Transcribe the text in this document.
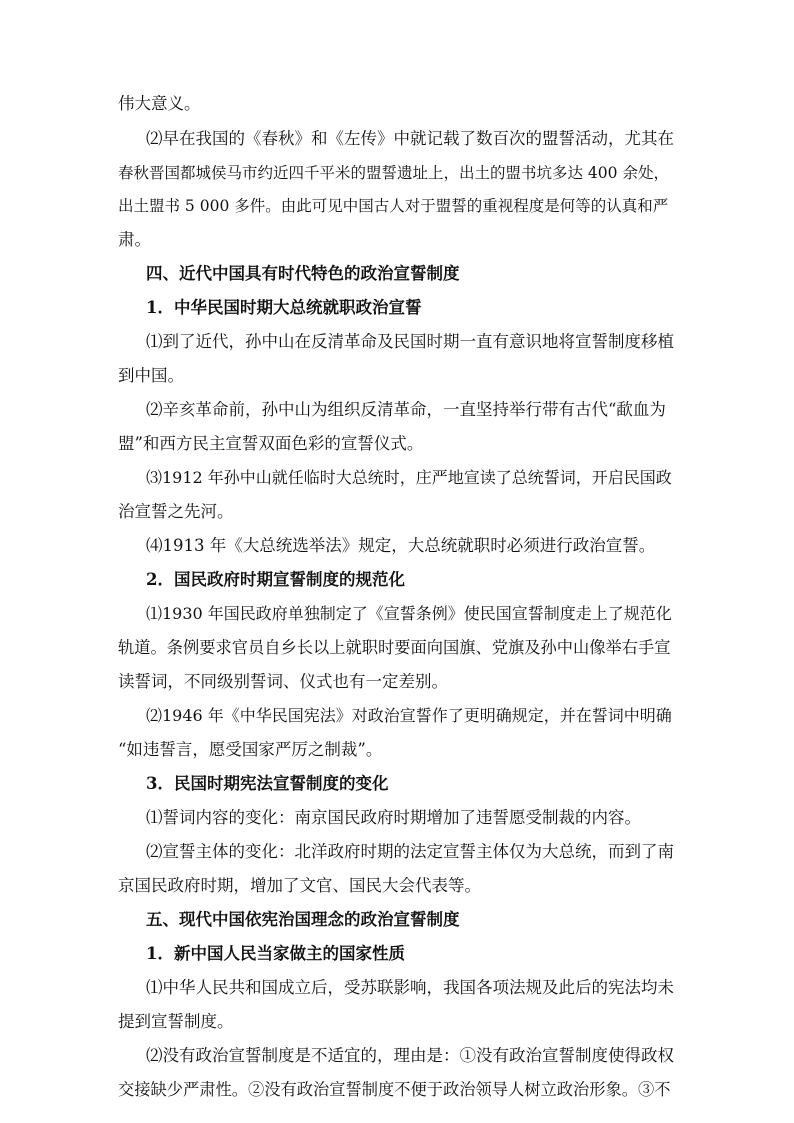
伟大意义。
⑵早在我国的《春秋》和《左传》中就记载了数百次的盟誓活动，尤其在
春秋晋国都城侯马市约近四千平米的盟誓遗址上，出土的盟书坑多达 400 余处，
出土盟书 5 000 多件。由此可见中国古人对于盟誓的重视程度是何等的认真和严
肃。
四、近代中国具有时代特色的政治宣誓制度
1．中华民国时期大总统就职政治宣誓
⑴到了近代，孙中山在反清革命及民国时期一直有意识地将宣誓制度移植
到中国。
⑵辛亥革命前，孙中山为组织反清革命，一直坚持举行带有古代“歃血为
盟”和西方民主宣誓双面色彩的宣誓仪式。
⑶1912 年孙中山就任临时大总统时，庄严地宣读了总统誓词，开启民国政
治宣誓之先河。
⑷1913 年《大总统选举法》规定，大总统就职时必须进行政治宣誓。
2．国民政府时期宣誓制度的规范化
⑴1930 年国民政府单独制定了《宣誓条例》使民国宣誓制度走上了规范化
轨道。条例要求官员自乡长以上就职时要面向国旗、党旗及孙中山像举右手宣
读誓词，不同级别誓词、仪式也有一定差别。
⑵1946 年《中华民国宪法》对政治宣誓作了更明确规定，并在誓词中明确
“如违誓言，愿受国家严厉之制裁”。
3．民国时期宪法宣誓制度的变化
⑴誓词内容的变化：南京国民政府时期增加了违誓愿受制裁的内容。
⑵宣誓主体的变化：北洋政府时期的法定宣誓主体仅为大总统，而到了南
京国民政府时期，增加了文官、国民大会代表等。
五、现代中国依宪治国理念的政治宣誓制度
1．新中国人民当家做主的国家性质
⑴中华人民共和国成立后，受苏联影响，我国各项法规及此后的宪法均未
提到宣誓制度。
⑵没有政治宣誓制度是不适宜的，理由是：①没有政治宣誓制度使得政权
交接缺少严肃性。②没有政治宣誓制度不便于政治领导人树立政治形象。③不
